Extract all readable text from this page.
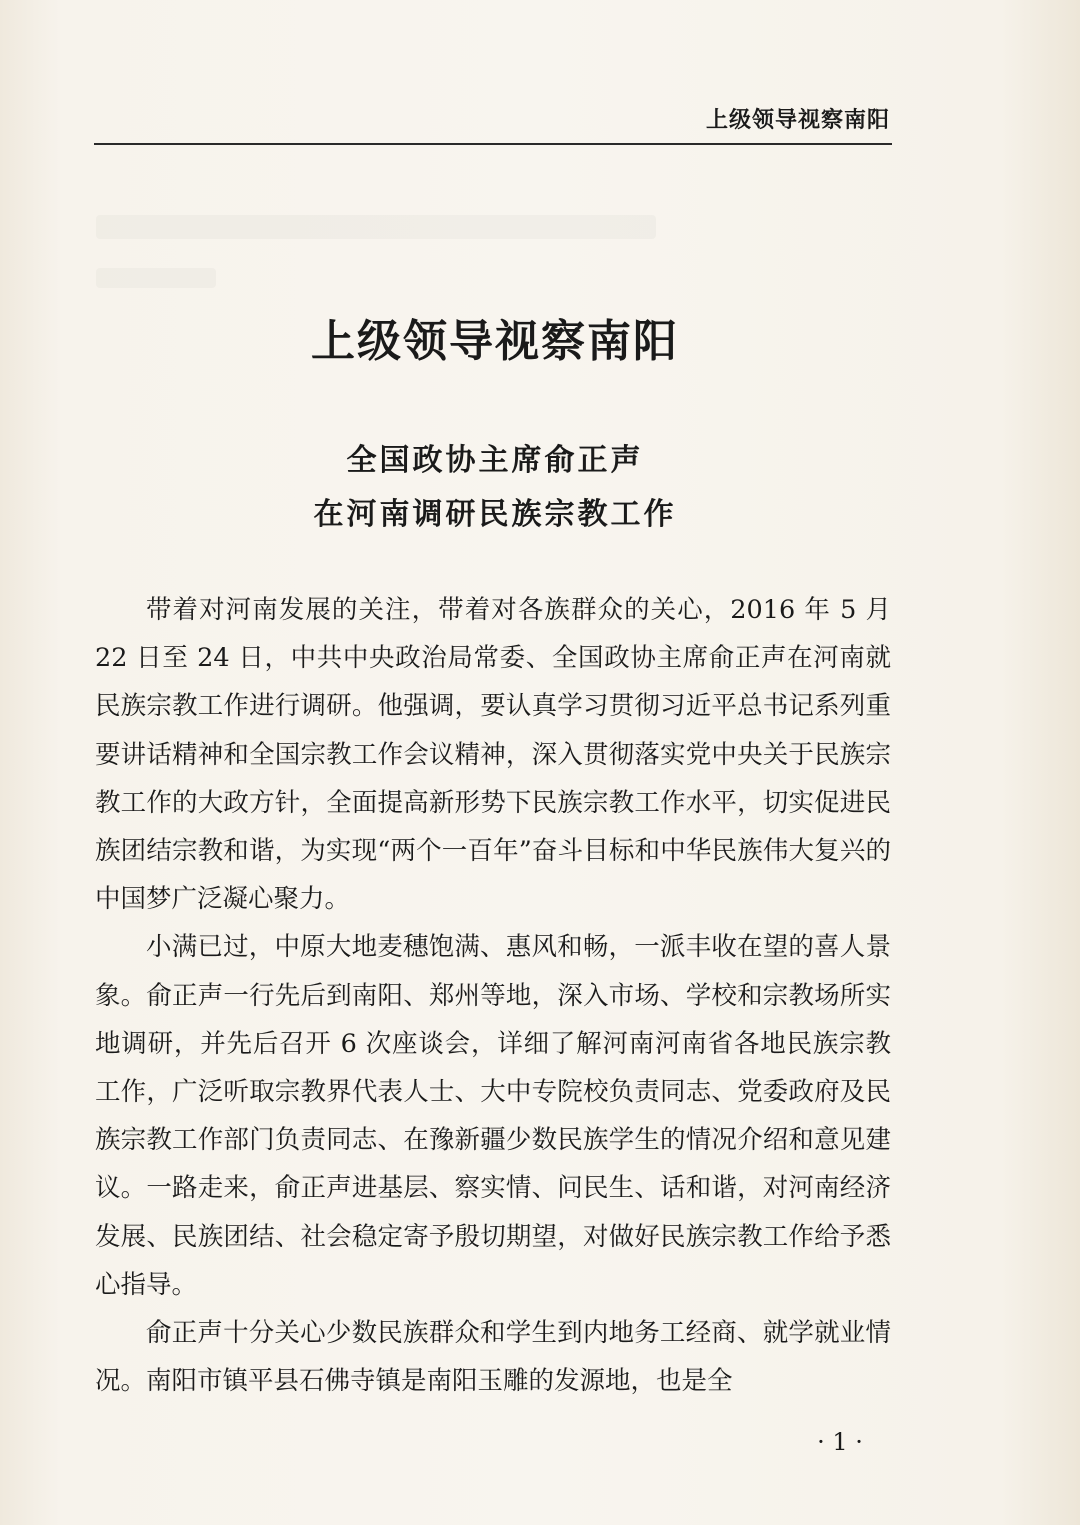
上级领导视察南阳
上级领导视察南阳
全国政协主席俞正声
在河南调研民族宗教工作

带着对河南发展的关注，带着对各族群众的关心，2016 年 5 月 22 日至 24 日，中共中央政治局常委、全国政协主席俞正声在河南就民族宗教工作进行调研。他强调，要认真学习贯彻习近平总书记系列重要讲话精神和全国宗教工作会议精神，深入贯彻落实党中央关于民族宗教工作的大政方针，全面提高新形势下民族宗教工作水平，切实促进民族团结宗教和谐，为实现“两个一百年”奋斗目标和中华民族伟大复兴的中国梦广泛凝心聚力。

小满已过，中原大地麦穗饱满、惠风和畅，一派丰收在望的喜人景象。俞正声一行先后到南阳、郑州等地，深入市场、学校和宗教场所实地调研，并先后召开 6 次座谈会，详细了解河南河南省各地民族宗教工作，广泛听取宗教界代表人士、大中专院校负责同志、党委政府及民族宗教工作部门负责同志、在豫新疆少数民族学生的情况介绍和意见建议。一路走来，俞正声进基层、察实情、问民生、话和谐，对河南经济发展、民族团结、社会稳定寄予殷切期望，对做好民族宗教工作给予悉心指导。

俞正声十分关心少数民族群众和学生到内地务工经商、就学就业情况。南阳市镇平县石佛寺镇是南阳玉雕的发源地，也是全

· 1 ·
